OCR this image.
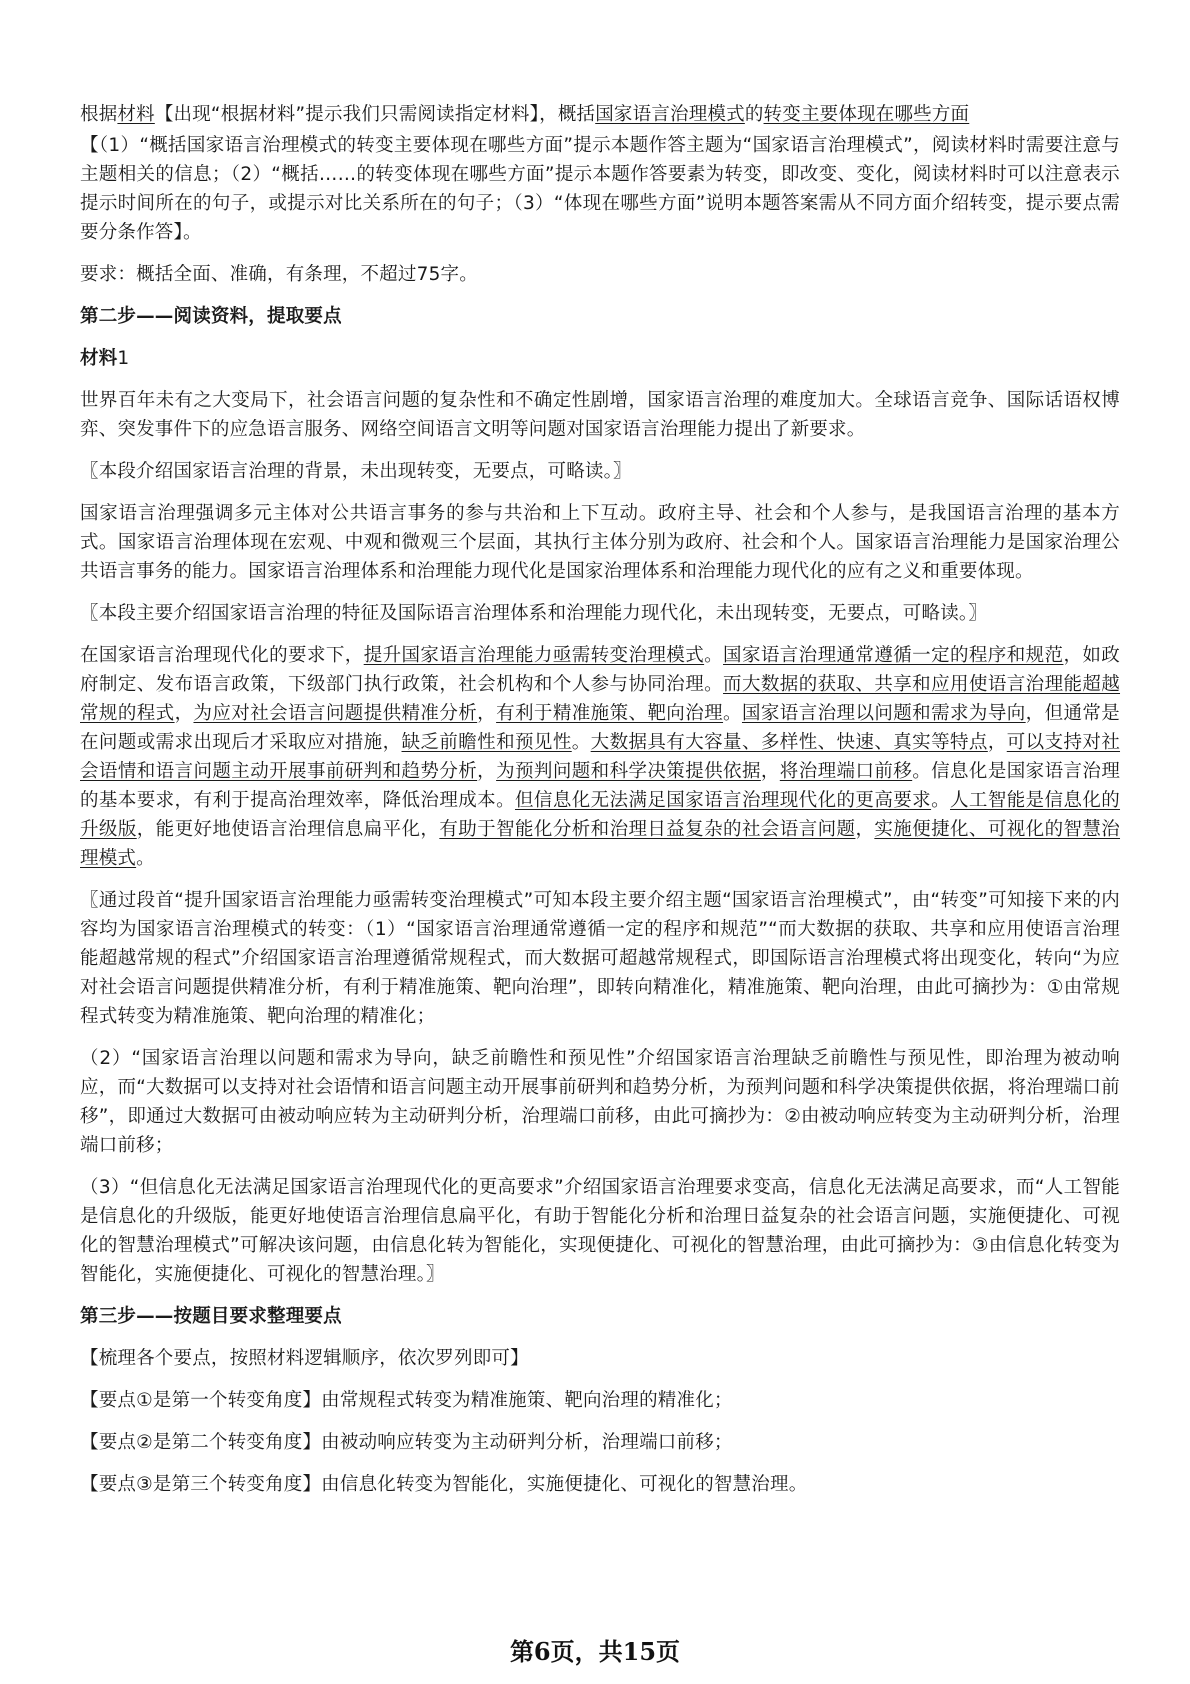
根据材料【出现“根据材料”提示我们只需阅读指定材料】，概括国家语言治理模式的转变主要体现在哪些方面

【（1）“概括国家语言治理模式的转变主要体现在哪些方面”提示本题作答主题为“国家语言治理模式”，阅读材料时需要注意与主题相关的信息；（2）“概括……的转变体现在哪些方面”提示本题作答要素为转变，即改变、变化，阅读材料时可以注意表示提示时间所在的句子，或提示对比关系所在的句子；（3）“体现在哪些方面”说明本题答案需从不同方面介绍转变，提示要点需要分条作答】。

要求：概括全面、准确，有条理，不超过75字。

第二步——阅读资料，提取要点

材料1

世界百年未有之大变局下，社会语言问题的复杂性和不确定性剧增，国家语言治理的难度加大。全球语言竞争、国际话语权博弈、突发事件下的应急语言服务、网络空间语言文明等问题对国家语言治理能力提出了新要求。

〖本段介绍国家语言治理的背景，未出现转变，无要点，可略读。〗

国家语言治理强调多元主体对公共语言事务的参与共治和上下互动。政府主导、社会和个人参与，是我国语言治理的基本方式。国家语言治理体现在宏观、中观和微观三个层面，其执行主体分别为政府、社会和个人。国家语言治理能力是国家治理公共语言事务的能力。国家语言治理体系和治理能力现代化是国家治理体系和治理能力现代化的应有之义和重要体现。

〖本段主要介绍国家语言治理的特征及国际语言治理体系和治理能力现代化，未出现转变，无要点，可略读。〗

在国家语言治理现代化的要求下，提升国家语言治理能力亟需转变治理模式。国家语言治理通常遵循一定的程序和规范，如政府制定、发布语言政策，下级部门执行政策，社会机构和个人参与协同治理。而大数据的获取、共享和应用使语言治理能超越常规的程式，为应对社会语言问题提供精准分析，有利于精准施策、靶向治理。国家语言治理以问题和需求为导向，但通常是在问题或需求出现后才采取应对措施，缺乏前瞻性和预见性。大数据具有大容量、多样性、快速、真实等特点，可以支持对社会语情和语言问题主动开展事前研判和趋势分析，为预判问题和科学决策提供依据，将治理端口前移。信息化是国家语言治理的基本要求，有利于提高治理效率，降低治理成本。但信息化无法满足国家语言治理现代化的更高要求。人工智能是信息化的升级版，能更好地使语言治理信息扁平化，有助于智能化分析和治理日益复杂的社会语言问题，实施便捷化、可视化的智慧治理模式。

〖通过段首“提升国家语言治理能力亟需转变治理模式”可知本段主要介绍主题“国家语言治理模式”，由“转变”可知接下来的内容均为国家语言治理模式的转变：（1）“国家语言治理通常遵循一定的程序和规范”“而大数据的获取、共享和应用使语言治理能超越常规的程式”介绍国家语言治理遵循常规程式，而大数据可超越常规程式，即国际语言治理模式将出现变化，转向“为应对社会语言问题提供精准分析，有利于精准施策、靶向治理”，即转向精准化，精准施策、靶向治理，由此可摘抄为：①由常规程式转变为精准施策、靶向治理的精准化；

（2）“国家语言治理以问题和需求为导向，缺乏前瞻性和预见性”介绍国家语言治理缺乏前瞻性与预见性，即治理为被动响应，而“大数据可以支持对社会语情和语言问题主动开展事前研判和趋势分析，为预判问题和科学决策提供依据，将治理端口前移”，即通过大数据可由被动响应转为主动研判分析，治理端口前移，由此可摘抄为：②由被动响应转变为主动研判分析，治理端口前移；

（3）“但信息化无法满足国家语言治理现代化的更高要求”介绍国家语言治理要求变高，信息化无法满足高要求，而“人工智能是信息化的升级版，能更好地使语言治理信息扁平化，有助于智能化分析和治理日益复杂的社会语言问题，实施便捷化、可视化的智慧治理模式”可解决该问题，由信息化转为智能化，实现便捷化、可视化的智慧治理，由此可摘抄为：③由信息化转变为智能化，实施便捷化、可视化的智慧治理。〗

第三步——按题目要求整理要点

【梳理各个要点，按照材料逻辑顺序，依次罗列即可】

【要点①是第一个转变角度】由常规程式转变为精准施策、靶向治理的精准化；

【要点②是第二个转变角度】由被动响应转变为主动研判分析，治理端口前移；

【要点③是第三个转变角度】由信息化转变为智能化，实施便捷化、可视化的智慧治理。

第6页，共15页
